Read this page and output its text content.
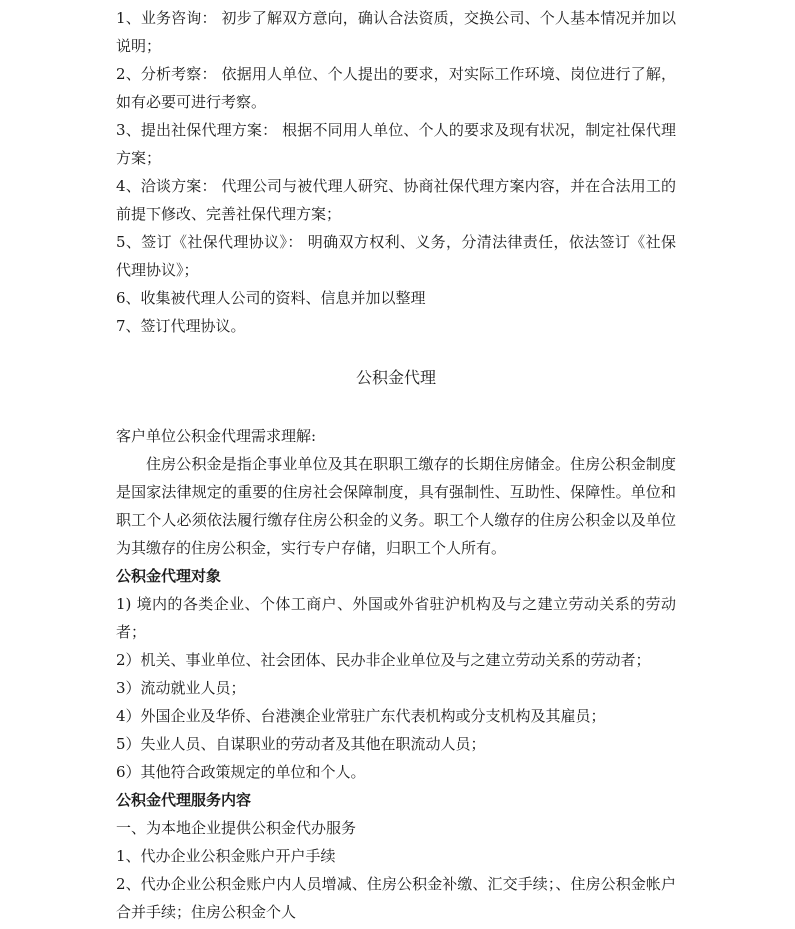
1、业务咨询： 初步了解双方意向，确认合法资质，交换公司、个人基本情况并加以说明；

2、分析考察： 依据用人单位、个人提出的要求，对实际工作环境、岗位进行了解，如有必要可进行考察。

3、提出社保代理方案： 根据不同用人单位、个人的要求及现有状况，制定社保代理方案；

4、洽谈方案： 代理公司与被代理人研究、协商社保代理方案内容，并在合法用工的前提下修改、完善社保代理方案；

5、签订《社保代理协议》： 明确双方权利、义务，分清法律责任，依法签订《社保代理协议》；

6、收集被代理人公司的资料、信息并加以整理

7、签订代理协议。

公积金代理

客户单位公积金代理需求理解:

住房公积金是指企事业单位及其在职职工缴存的长期住房储金。住房公积金制度是国家法律规定的重要的住房社会保障制度，具有强制性、互助性、保障性。单位和职工个人必须依法履行缴存住房公积金的义务。职工个人缴存的住房公积金以及单位为其缴存的住房公积金，实行专户存储，归职工个人所有。

公积金代理对象

1) 境内的各类企业、个体工商户、外国或外省驻沪机构及与之建立劳动关系的劳动者；

2）机关、事业单位、社会团体、民办非企业单位及与之建立劳动关系的劳动者；

3）流动就业人员；

4）外国企业及华侨、台港澳企业常驻广东代表机构或分支机构及其雇员；

5）失业人员、自谋职业的劳动者及其他在职流动人员；

6）其他符合政策规定的单位和个人。

公积金代理服务内容

一、为本地企业提供公积金代办服务

1、代办企业公积金账户开户手续

2、代办企业公积金账户内人员增减、住房公积金补缴、汇交手续；、住房公积金帐户合并手续；住房公积金个人
